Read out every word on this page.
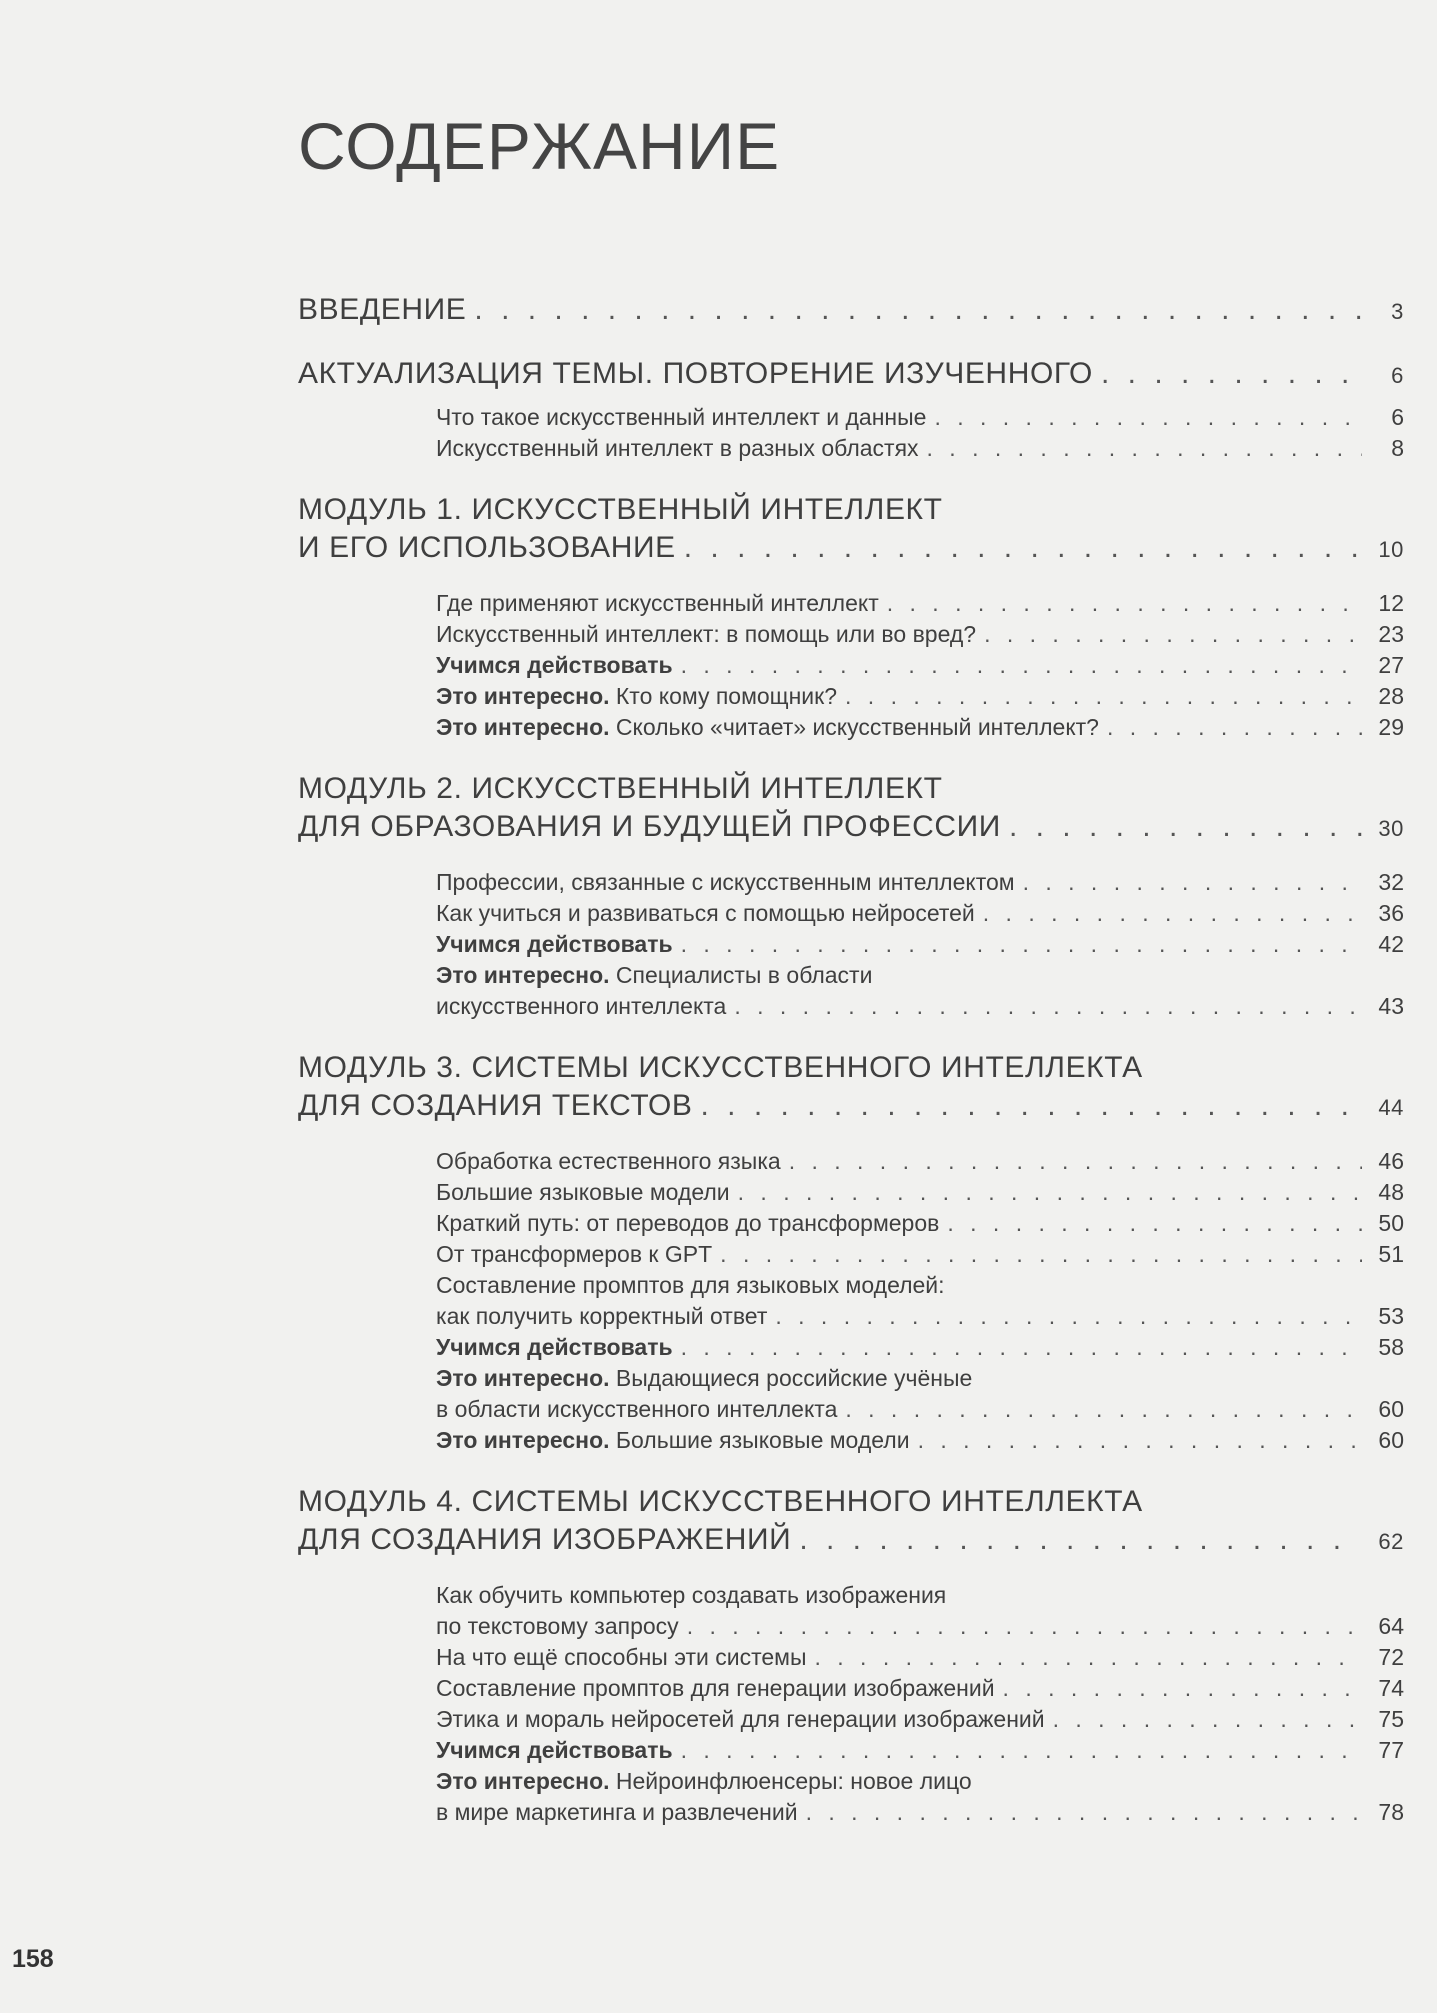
СОДЕРЖАНИЕ
ВВЕДЕНИЕ . . .	3
АКТУАЛИЗАЦИЯ ТЕМЫ. ПОВТОРЕНИЕ ИЗУЧЕННОГО . . .	6
Что такое искусственный интеллект и данные . . .	6
Искусственный интеллект в разных областях . . .	8
МОДУЛЬ 1. ИСКУССТВЕННЫЙ ИНТЕЛЛЕКТ
И ЕГО ИСПОЛЬЗОВАНИЕ . . .	10
Где применяют искусственный интеллект . . .	12
Искусственный интеллект: в помощь или во вред? . . .	23
Учимся действовать . . .	27
Это интересно. Кто кому помощник? . . .	28
Это интересно. Сколько «читает» искусственный интеллект? . . .	29
МОДУЛЬ 2. ИСКУССТВЕННЫЙ ИНТЕЛЛЕКТ
ДЛЯ ОБРАЗОВАНИЯ И БУДУЩЕЙ ПРОФЕССИИ . . .	30
Профессии, связанные с искусственным интеллектом . . .	32
Как учиться и развиваться с помощью нейросетей . . .	36
Учимся действовать . . .	42
Это интересно. Специалисты в области
искусственного интеллекта . . .	43
МОДУЛЬ 3. СИСТЕМЫ ИСКУССТВЕННОГО ИНТЕЛЛЕКТА
ДЛЯ СОЗДАНИЯ ТЕКСТОВ . . .	44
Обработка естественного языка . . .	46
Большие языковые модели . . .	48
Краткий путь: от переводов до трансформеров . . .	50
От трансформеров к GPT . . .	51
Составление промптов для языковых моделей:
как получить корректный ответ . . .	53
Учимся действовать . . .	58
Это интересно. Выдающиеся российские учёные
в области искусственного интеллекта . . .	60
Это интересно. Большие языковые модели . . .	60
МОДУЛЬ 4. СИСТЕМЫ ИСКУССТВЕННОГО ИНТЕЛЛЕКТА
ДЛЯ СОЗДАНИЯ ИЗОБРАЖЕНИЙ . . .	62
Как обучить компьютер создавать изображения
по текстовому запросу . . .	64
На что ещё способны эти системы . . .	72
Составление промптов для генерации изображений . . .	74
Этика и мораль нейросетей для генерации изображений . . .	75
Учимся действовать . . .	77
Это интересно. Нейроинфлюенсеры: новое лицо
в мире маркетинга и развлечений . . .	78
158
